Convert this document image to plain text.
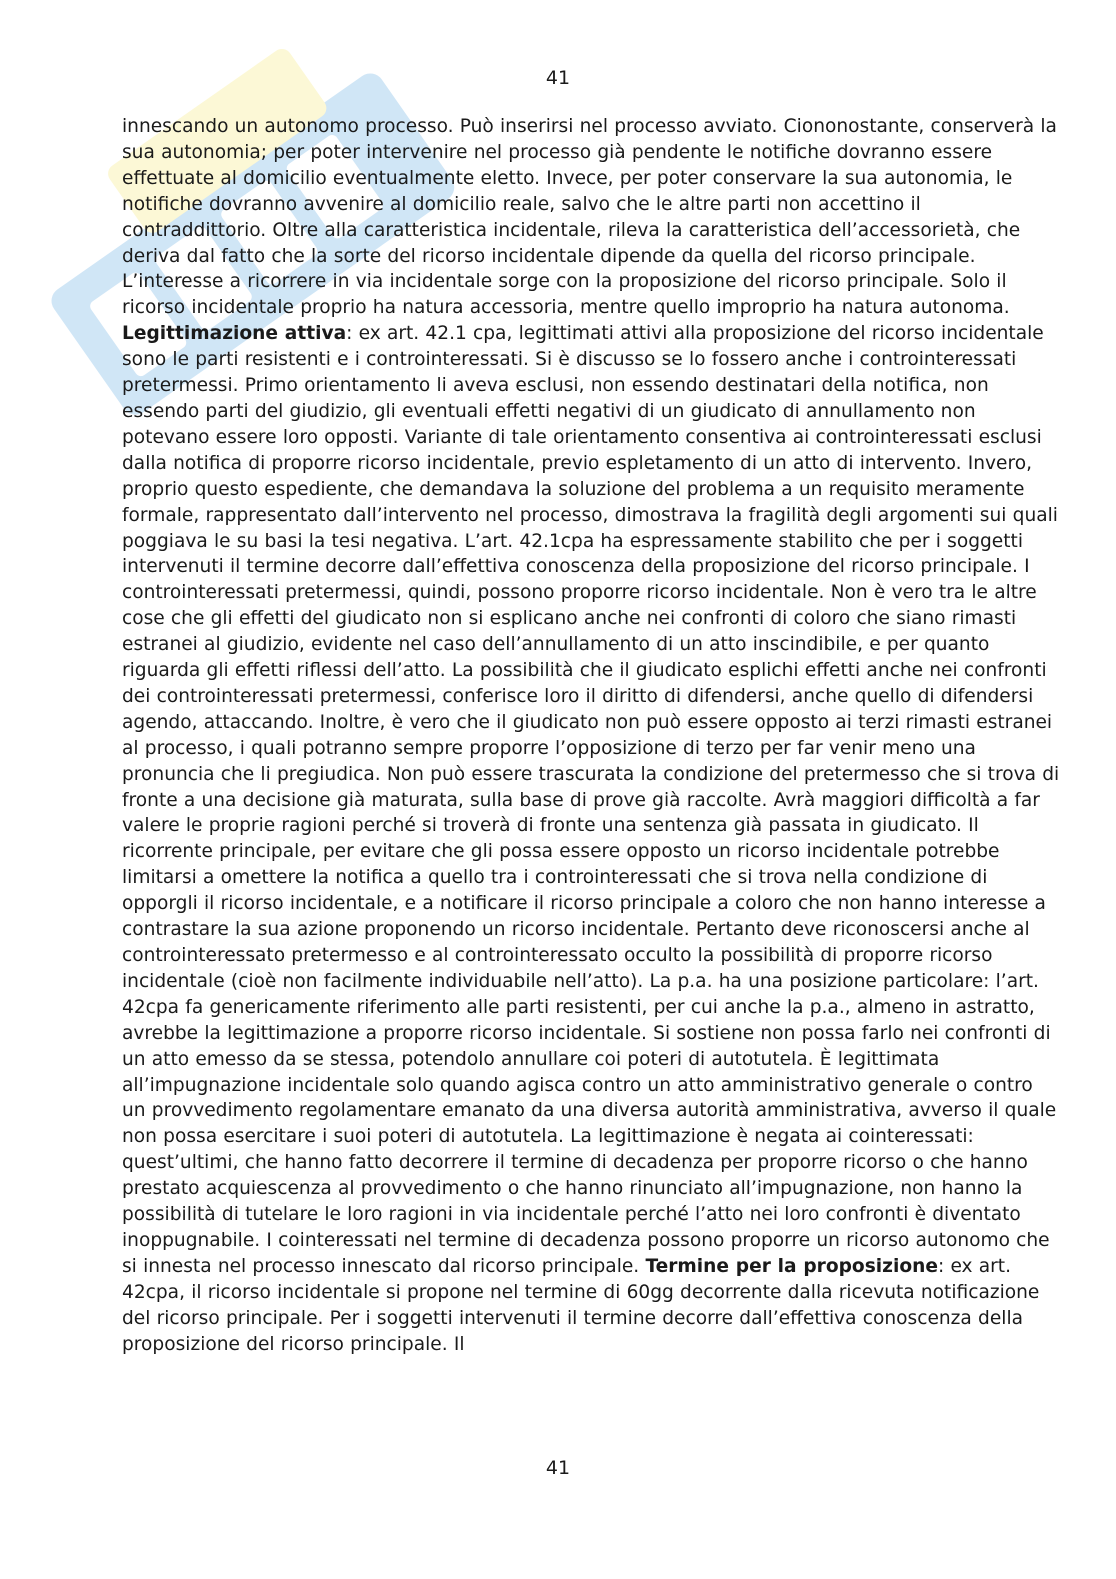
41

innescando un autonomo processo. Può inserirsi nel processo avviato. Ciononostante, conserverà la sua autonomia; per poter intervenire nel processo già pendente le notifiche dovranno essere effettuate al domicilio eventualmente eletto. Invece, per poter conservare la sua autonomia, le notifiche dovranno avvenire al domicilio reale, salvo che le altre parti non accettino il contraddittorio. Oltre alla caratteristica incidentale, rileva la caratteristica dell’accessorietà, che deriva dal fatto che la sorte del ricorso incidentale dipende da quella del ricorso principale. L’interesse a ricorrere in via incidentale sorge con la proposizione del ricorso principale. Solo il ricorso incidentale proprio ha natura accessoria, mentre quello improprio ha natura autonoma. Legittimazione attiva: ex art. 42.1 cpa, legittimati attivi alla proposizione del ricorso incidentale sono le parti resistenti e i controinteressati. Si è discusso se lo fossero anche i controinteressati pretermessi. Primo orientamento li aveva esclusi, non essendo destinatari della notifica, non essendo parti del giudizio, gli eventuali effetti negativi di un giudicato di annullamento non potevano essere loro opposti. Variante di tale orientamento consentiva ai controinteressati esclusi dalla notifica di proporre ricorso incidentale, previo espletamento di un atto di intervento. Invero, proprio questo espediente, che demandava la soluzione del problema a un requisito meramente formale, rappresentato dall’intervento nel processo, dimostrava la fragilità degli argomenti sui quali poggiava le su basi la tesi negativa. L’art. 42.1cpa ha espressamente stabilito che per i soggetti intervenuti il termine decorre dall’effettiva conoscenza della proposizione del ricorso principale. I controinteressati pretermessi, quindi, possono proporre ricorso incidentale. Non è vero tra le altre cose che gli effetti del giudicato non si esplicano anche nei confronti di coloro che siano rimasti estranei al giudizio, evidente nel caso dell’annullamento di un atto inscindibile, e per quanto riguarda gli effetti riflessi dell’atto. La possibilità che il giudicato esplichi effetti anche nei confronti dei controinteressati pretermessi, conferisce loro il diritto di difendersi, anche quello di difendersi agendo, attaccando. Inoltre, è vero che il giudicato non può essere opposto ai terzi rimasti estranei al processo, i quali potranno sempre proporre l’opposizione di terzo per far venir meno una pronuncia che li pregiudica. Non può essere trascurata la condizione del pretermesso che si trova di fronte a una decisione già maturata, sulla base di prove già raccolte. Avrà maggiori difficoltà a far valere le proprie ragioni perché si troverà di fronte una sentenza già passata in giudicato. Il ricorrente principale, per evitare che gli possa essere opposto un ricorso incidentale potrebbe limitarsi a omettere la notifica a quello tra i controinteressati che si trova nella condizione di opporgli il ricorso incidentale, e a notificare il ricorso principale a coloro che non hanno interesse a contrastare la sua azione proponendo un ricorso incidentale. Pertanto deve riconoscersi anche al controinteressato pretermesso e al controinteressato occulto la possibilità di proporre ricorso incidentale (cioè non facilmente individuabile nell’atto). La p.a. ha una posizione particolare: l’art. 42cpa fa genericamente riferimento alle parti resistenti, per cui anche la p.a., almeno in astratto, avrebbe la legittimazione a proporre ricorso incidentale. Si sostiene non possa farlo nei confronti di un atto emesso da se stessa, potendolo annullare coi poteri di autotutela. È legittimata all’impugnazione incidentale solo quando agisca contro un atto amministrativo generale o contro un provvedimento regolamentare emanato da una diversa autorità amministrativa, avverso il quale non possa esercitare i suoi poteri di autotutela. La legittimazione è negata ai cointeressati: quest’ultimi, che hanno fatto decorrere il termine di decadenza per proporre ricorso o che hanno prestato acquiescenza al provvedimento o che hanno rinunciato all’impugnazione, non hanno la possibilità di tutelare le loro ragioni in via incidentale perché l’atto nei loro confronti è diventato inoppugnabile. I cointeressati nel termine di decadenza possono proporre un ricorso autonomo che si innesta nel processo innescato dal ricorso principale. Termine per la proposizione: ex art. 42cpa, il ricorso incidentale si propone nel termine di 60gg decorrente dalla ricevuta notificazione del ricorso principale. Per i soggetti intervenuti il termine decorre dall’effettiva conoscenza della proposizione del ricorso principale. Il

41
